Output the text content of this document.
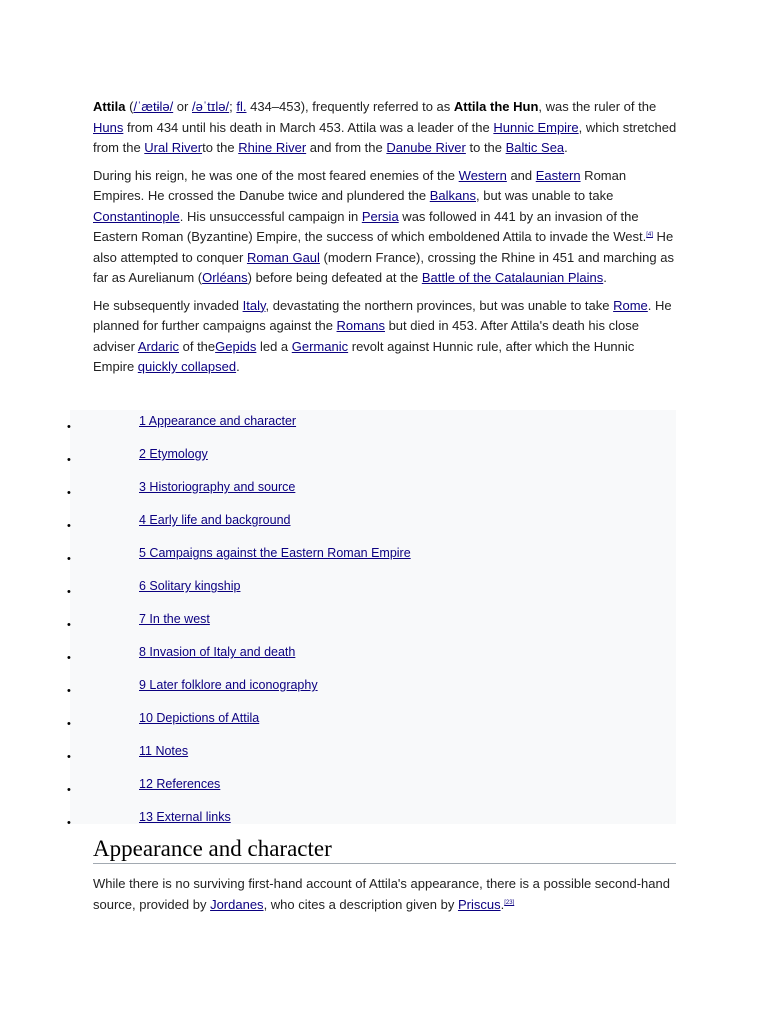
Attila (/ˈætɨlə/ or /əˈtɪlə/; fl. 434–453), frequently referred to as Attila the Hun, was the ruler of the Huns from 434 until his death in March 453. Attila was a leader of the Hunnic Empire, which stretched from the Ural Riverto the Rhine River and from the Danube River to the Baltic Sea.

During his reign, he was one of the most feared enemies of the Western and Eastern Roman Empires. He crossed the Danube twice and plundered the Balkans, but was unable to take Constantinople. His unsuccessful campaign in Persia was followed in 441 by an invasion of the Eastern Roman (Byzantine) Empire, the success of which emboldened Attila to invade the West.[4] He also attempted to conquer Roman Gaul (modern France), crossing the Rhine in 451 and marching as far as Aurelianum (Orléans) before being defeated at the Battle of the Catalaunian Plains.

He subsequently invaded Italy, devastating the northern provinces, but was unable to take Rome. He planned for further campaigns against the Romans but died in 453. After Attila's death his close adviser Ardaric of theGepids led a Germanic revolt against Hunnic rule, after which the Hunnic Empire quickly collapsed.

•	1 Appearance and character
•	2 Etymology
•	3 Historiography and source
•	4 Early life and background
•	5 Campaigns against the Eastern Roman Empire
•	6 Solitary kingship
•	7 In the west
•	8 Invasion of Italy and death
•	9 Later folklore and iconography
•	10 Depictions of Attila
•	11 Notes
•	12 References
•	13 External links
Appearance and character

While there is no surviving first-hand account of Attila's appearance, there is a possible second-hand source, provided by Jordanes, who cites a description given by Priscus.[23]
